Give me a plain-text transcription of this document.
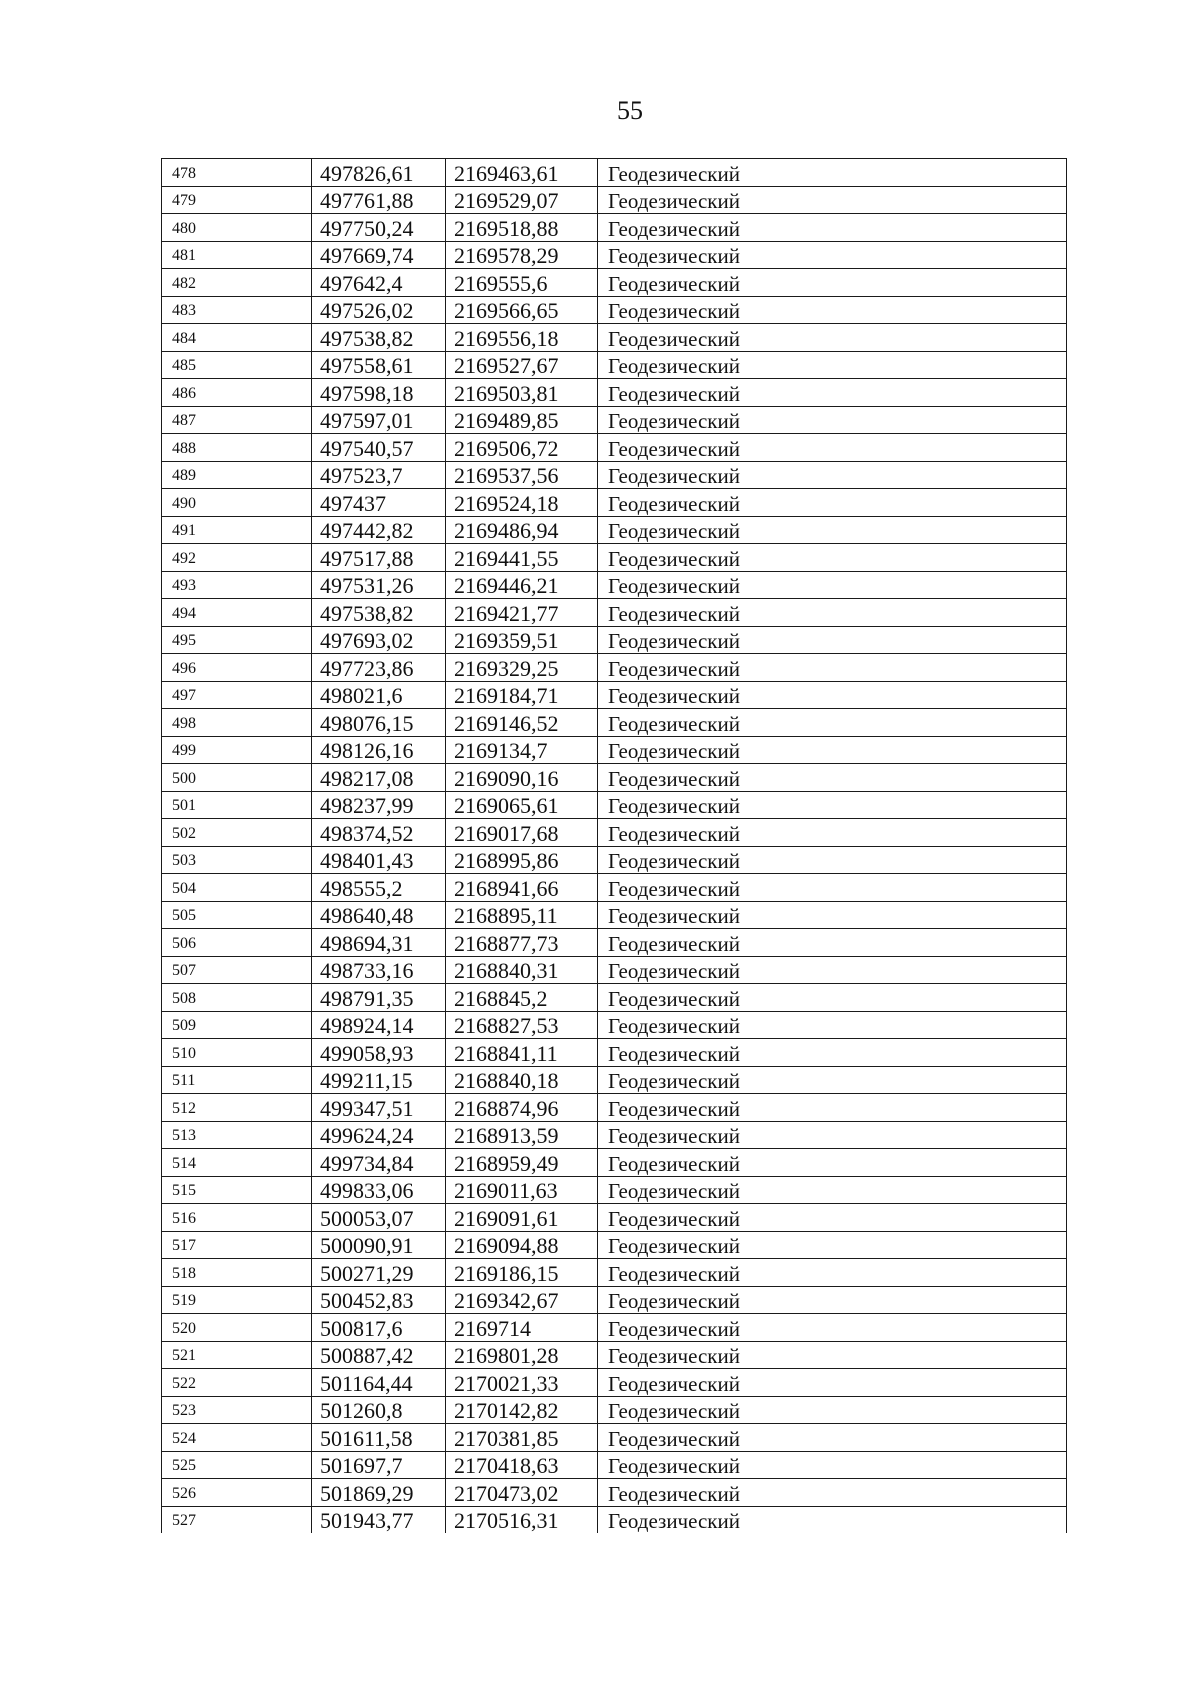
55
478	497826,61	2169463,61	Геодезический
479	497761,88	2169529,07	Геодезический
480	497750,24	2169518,88	Геодезический
481	497669,74	2169578,29	Геодезический
482	497642,4	2169555,6	Геодезический
483	497526,02	2169566,65	Геодезический
484	497538,82	2169556,18	Геодезический
485	497558,61	2169527,67	Геодезический
486	497598,18	2169503,81	Геодезический
487	497597,01	2169489,85	Геодезический
488	497540,57	2169506,72	Геодезический
489	497523,7	2169537,56	Геодезический
490	497437	2169524,18	Геодезический
491	497442,82	2169486,94	Геодезический
492	497517,88	2169441,55	Геодезический
493	497531,26	2169446,21	Геодезический
494	497538,82	2169421,77	Геодезический
495	497693,02	2169359,51	Геодезический
496	497723,86	2169329,25	Геодезический
497	498021,6	2169184,71	Геодезический
498	498076,15	2169146,52	Геодезический
499	498126,16	2169134,7	Геодезический
500	498217,08	2169090,16	Геодезический
501	498237,99	2169065,61	Геодезический
502	498374,52	2169017,68	Геодезический
503	498401,43	2168995,86	Геодезический
504	498555,2	2168941,66	Геодезический
505	498640,48	2168895,11	Геодезический
506	498694,31	2168877,73	Геодезический
507	498733,16	2168840,31	Геодезический
508	498791,35	2168845,2	Геодезический
509	498924,14	2168827,53	Геодезический
510	499058,93	2168841,11	Геодезический
511	499211,15	2168840,18	Геодезический
512	499347,51	2168874,96	Геодезический
513	499624,24	2168913,59	Геодезический
514	499734,84	2168959,49	Геодезический
515	499833,06	2169011,63	Геодезический
516	500053,07	2169091,61	Геодезический
517	500090,91	2169094,88	Геодезический
518	500271,29	2169186,15	Геодезический
519	500452,83	2169342,67	Геодезический
520	500817,6	2169714	Геодезический
521	500887,42	2169801,28	Геодезический
522	501164,44	2170021,33	Геодезический
523	501260,8	2170142,82	Геодезический
524	501611,58	2170381,85	Геодезический
525	501697,7	2170418,63	Геодезический
526	501869,29	2170473,02	Геодезический
527	501943,77	2170516,31	Геодезический
